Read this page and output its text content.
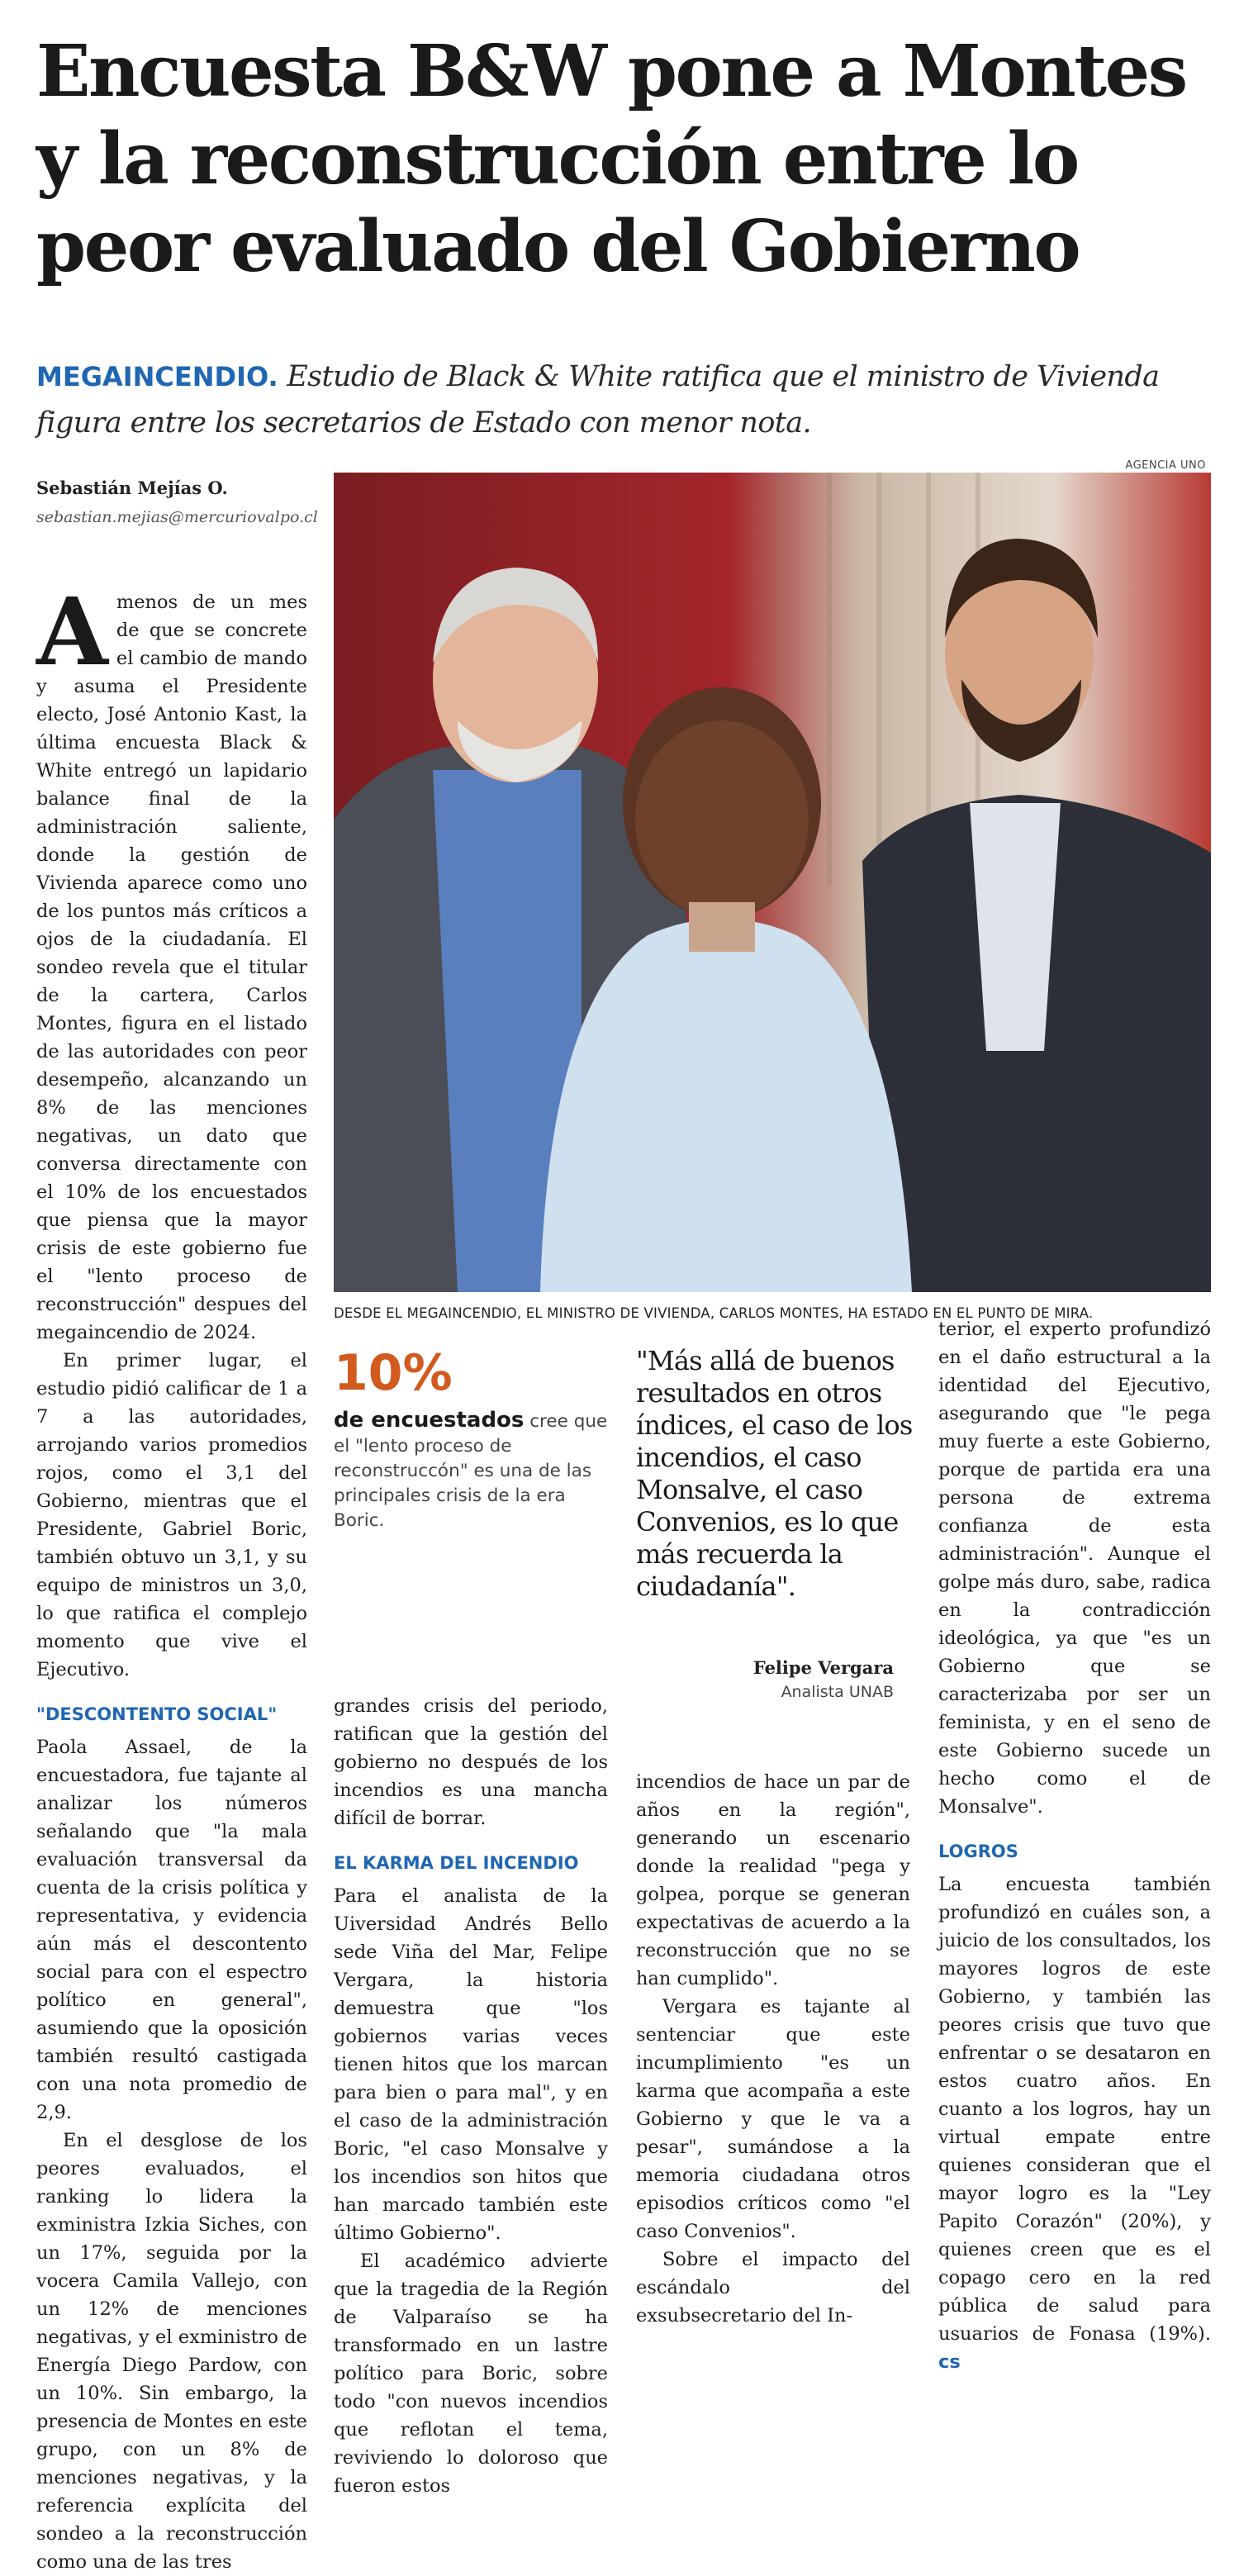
Encuesta B&W pone a Montes
y la reconstrucción entre lo
peor evaluado del Gobierno
MEGAINCENDIO. Estudio de Black & White ratifica que el ministro de Vivienda figura entre los secretarios de Estado con menor nota.
Sebastián Mejías O.
sebastian.mejias@mercuriovalpo.cl
AGENCIA UNO
DESDE EL MEGAINCENDIO, EL MINISTRO DE VIVIENDA, CARLOS MONTES, HA ESTADO EN EL PUNTO DE MIRA.

Amenos de un mes de que se concrete el cambio de mando y asuma el Presidente electo, José Antonio Kast, la última encuesta Black & White entregó un lapidario balance final de la administración saliente, donde la gestión de Vivienda aparece como uno de los puntos más críticos a ojos de la ciudadanía. El sondeo revela que el titular de la cartera, Carlos Montes, figura en el listado de las autoridades con peor desempeño, alcanzando un 8% de las menciones negativas, un dato que conversa directamente con el 10% de los encuestados que piensa que la mayor crisis de este gobierno fue el "lento proceso de reconstrucción" despues del megaincendio de 2024.

En primer lugar, el estudio pidió calificar de 1 a 7 a las autoridades, arrojando varios promedios rojos, como el 3,1 del Gobierno, mientras que el Presidente, Gabriel Boric, también obtuvo un 3,1, y su equipo de ministros un 3,0, lo que ratifica el complejo momento que vive el Ejecutivo.

"DESCONTENTO SOCIAL"

Paola Assael, de la encuestadora, fue tajante al analizar los números señalando que "la mala evaluación transversal da cuenta de la crisis política y representativa, y evidencia aún más el descontento social para con el espectro político en general", asumiendo que la oposición también resultó castigada con una nota promedio de 2,9.

En el desglose de los peores evaluados, el ranking lo lidera la exministra Izkia Siches, con un 17%, seguida por la vocera Camila Vallejo, con un 12% de menciones negativas, y el exministro de Energía Diego Pardow, con un 10%. Sin embargo, la presencia de Montes en este grupo, con un 8% de menciones negativas, y la referencia explícita del sondeo a la reconstrucción como una de las tres

10%
de encuestados cree que el "lento proceso de reconstruccón" es una de las principales crisis de la era Boric.

grandes crisis del periodo, ratifican que la gestión del gobierno no después de los incendios es una mancha difícil de borrar.

EL KARMA DEL INCENDIO

Para el analista de la Uiversidad Andrés Bello sede Viña del Mar, Felipe Vergara, la historia demuestra que "los gobiernos varias veces tienen hitos que los marcan para bien o para mal", y en el caso de la administración Boric, "el caso Monsalve y los incendios son hitos que han marcado también este último Gobierno".

El académico advierte que la tragedia de la Región de Valparaíso se ha transformado en un lastre político para Boric, sobre todo "con nuevos incendios que reflotan el tema, reviviendo lo doloroso que fueron estos

"Más allá de buenos resultados en otros índices, el caso de los incendios, el caso Monsalve, el caso Convenios, es lo que más recuerda la ciudadanía".
Felipe Vergara
Analista UNAB

incendios de hace un par de años en la región", generando un escenario donde la realidad "pega y golpea, porque se generan expectativas de acuerdo a la reconstrucción que no se han cumplido".

Vergara es tajante al sentenciar que este incumplimiento "es un karma que acompaña a este Gobierno y que le va a pesar", sumándose a la memoria ciudadana otros episodios críticos como "el caso Convenios".

Sobre el impacto del escándalo del exsubsecretario del In-

terior, el experto profundizó en el daño estructural a la identidad del Ejecutivo, asegurando que "le pega muy fuerte a este Gobierno, porque de partida era una persona de extrema confianza de esta administración". Aunque el golpe más duro, sabe, radica en la contradicción ideológica, ya que "es un Gobierno que se caracterizaba por ser un feminista, y en el seno de este Gobierno sucede un hecho como el de Monsalve".

LOGROS

La encuesta también profundizó en cuáles son, a juicio de los consultados, los mayores logros de este Gobierno, y también las peores crisis que tuvo que enfrentar o se desataron en estos cuatro años. En cuanto a los logros, hay un virtual empate entre quienes consideran que el mayor logro es la "Ley Papito Corazón" (20%), y quienes creen que es el copago cero en la red pública de salud para usuarios de Fonasa (19%). cs
